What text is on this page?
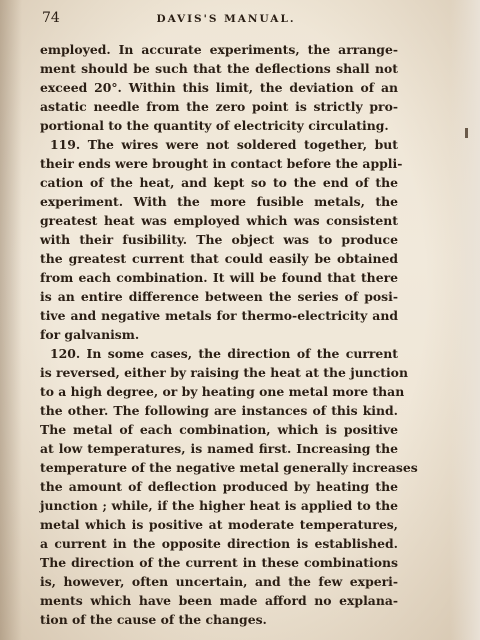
74	DAVIS'S MANUAL.
employed. In accurate experiments, the arrange-
ment should be such that the deflections shall not
exceed 20°. Within this limit, the deviation of an
astatic needle from the zero point is strictly pro-
portional to the quantity of electricity circulating.
119. The wires were not soldered together, but
their ends were brought in contact before the appli-
cation of the heat, and kept so to the end of the
experiment. With the more fusible metals, the
greatest heat was employed which was consistent
with their fusibility. The object was to produce
the greatest current that could easily be obtained
from each combination. It will be found that there
is an entire difference between the series of posi-
tive and negative metals for thermo-electricity and
for galvanism.
120. In some cases, the direction of the current
is reversed, either by raising the heat at the junction
to a high degree, or by heating one metal more than
the other. The following are instances of this kind.
The metal of each combination, which is positive
at low temperatures, is named first. Increasing the
temperature of the negative metal generally increases
the amount of deflection produced by heating the
junction ; while, if the higher heat is applied to the
metal which is positive at moderate temperatures,
a current in the opposite direction is established.
The direction of the current in these combinations
is, however, often uncertain, and the few experi-
ments which have been made afford no explana-
tion of the cause of the changes.
